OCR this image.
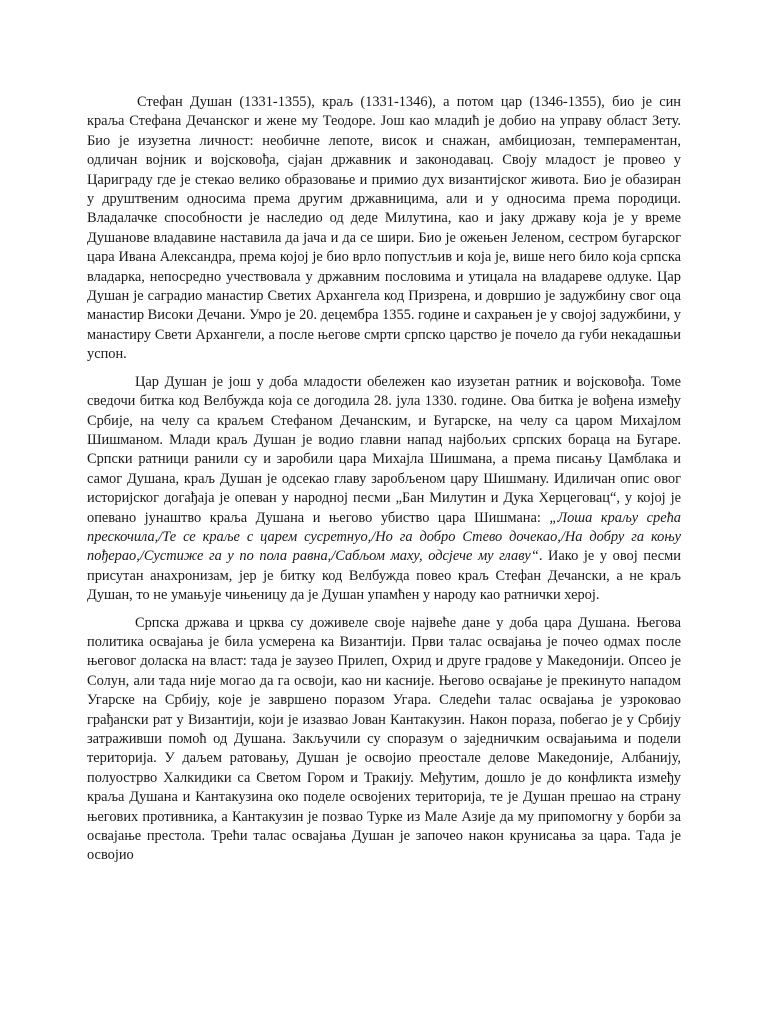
Стефан Душан (1331-1355), краљ (1331-1346), а потом цар (1346-1355), био је син краља Стефана Дечанског и жене му Теодоре. Још као младић је добио на управу област Зету. Био је изузетна личност: необичне лепоте, висок и снажан, амбициозан, темпераментан, одличан војник и војсковођа, сјајан државник и законодавац. Своју младост је провео у Цариграду где је стекао велико образовање и примио дух византијског живота. Био је обазиран у друштвеним односима према другим државницима, али и у односима према породици. Владалачке способности је наследио од деде Милутина, као и јаку државу која је у време Душанове владавине наставила да јача и да се шири. Био је ожењен Јеленом, сестром бугарског цара Ивана Александра, према којој је био врло попустљив и која је, више него било која српска владарка, непосредно учествовала у државним пословима и утицала на владареве одлуке. Цар Душан је саградио манастир Светих Архангела код Призрена, и довршио је задужбину свог оца манастир Високи Дечани. Умро је 20. децембра 1355. године и сахрањен је у својој задужбини, у манастиру Свети Архангели, а после његове смрти српско царство је почело да губи некадашњи успон.

Цар Душан је још у доба младости обележен као изузетан ратник и војсковођа. Томе сведочи битка код Велбужда која се догодила 28. јула 1330. године. Ова битка је вођена између Србије, на челу са краљем Стефаном Дечанским, и Бугарске, на челу са царом Михајлом Шишманом. Млади краљ Душан је водио главни напад најбољих српских бораца на Бугаре. Српски ратници ранили су и заробили цара Михајла Шишмана, а према писању Цамблака и самог Душана, краљ Душан је одсекао главу заробљеном цару Шишману. Идиличан опис овог историјског догађаја је опеван у народној песми „Бан Милутин и Дука Херцеговац“, у којој је опевано јунаштво краља Душана и његово убиство цара Шишмана: „Лоша краљу срећа прескочила,/Те се краље с царем сусретнуо,/Но га добро Стево дочекао,/На добру га коњу пођерао,/Сустиже га у по пола равна,/Сабљом маху, одсјече му главу“. Иако је у овој песми присутан анахронизам, јер је битку код Велбужда повео краљ Стефан Дечански, а не краљ Душан, то не умањује чињеницу да је Душан упамћен у народу као ратнички херој.

Српска држава и црква су доживеле своје највеће дане у доба цара Душана. Његова политика освајања је била усмерена ка Византији. Први талас освајања је почео одмах после његовог доласка на власт: тада је заузео Прилеп, Охрид и друге градове у Македонији. Опсео је Солун, али тада није могао да га освоји, као ни касније. Његово освајање је прекинуто нападом Угарске на Србију, које је завршено поразом Угара. Следећи талас освајања је узроковао грађански рат у Византији, који је изазвао Јован Кантакузин. Након пораза, побегао је у Србију затраживши помоћ од Душана. Закључили су споразум о заједничким освајањима и подели територија. У даљем ратовању, Душан је освојио преостале делове Македоније, Албанију, полуострво Халкидики са Светом Гором и Тракију. Међутим, дошло је до конфликта између краља Душана и Кантакузина око поделе освојених територија, те је Душан прешао на страну његових противника, а Кантакузин је позвао Турке из Мале Азије да му припомогну у борби за освајање престола. Трећи талас освајања Душан је започео након крунисања за цара. Тада је освојио
